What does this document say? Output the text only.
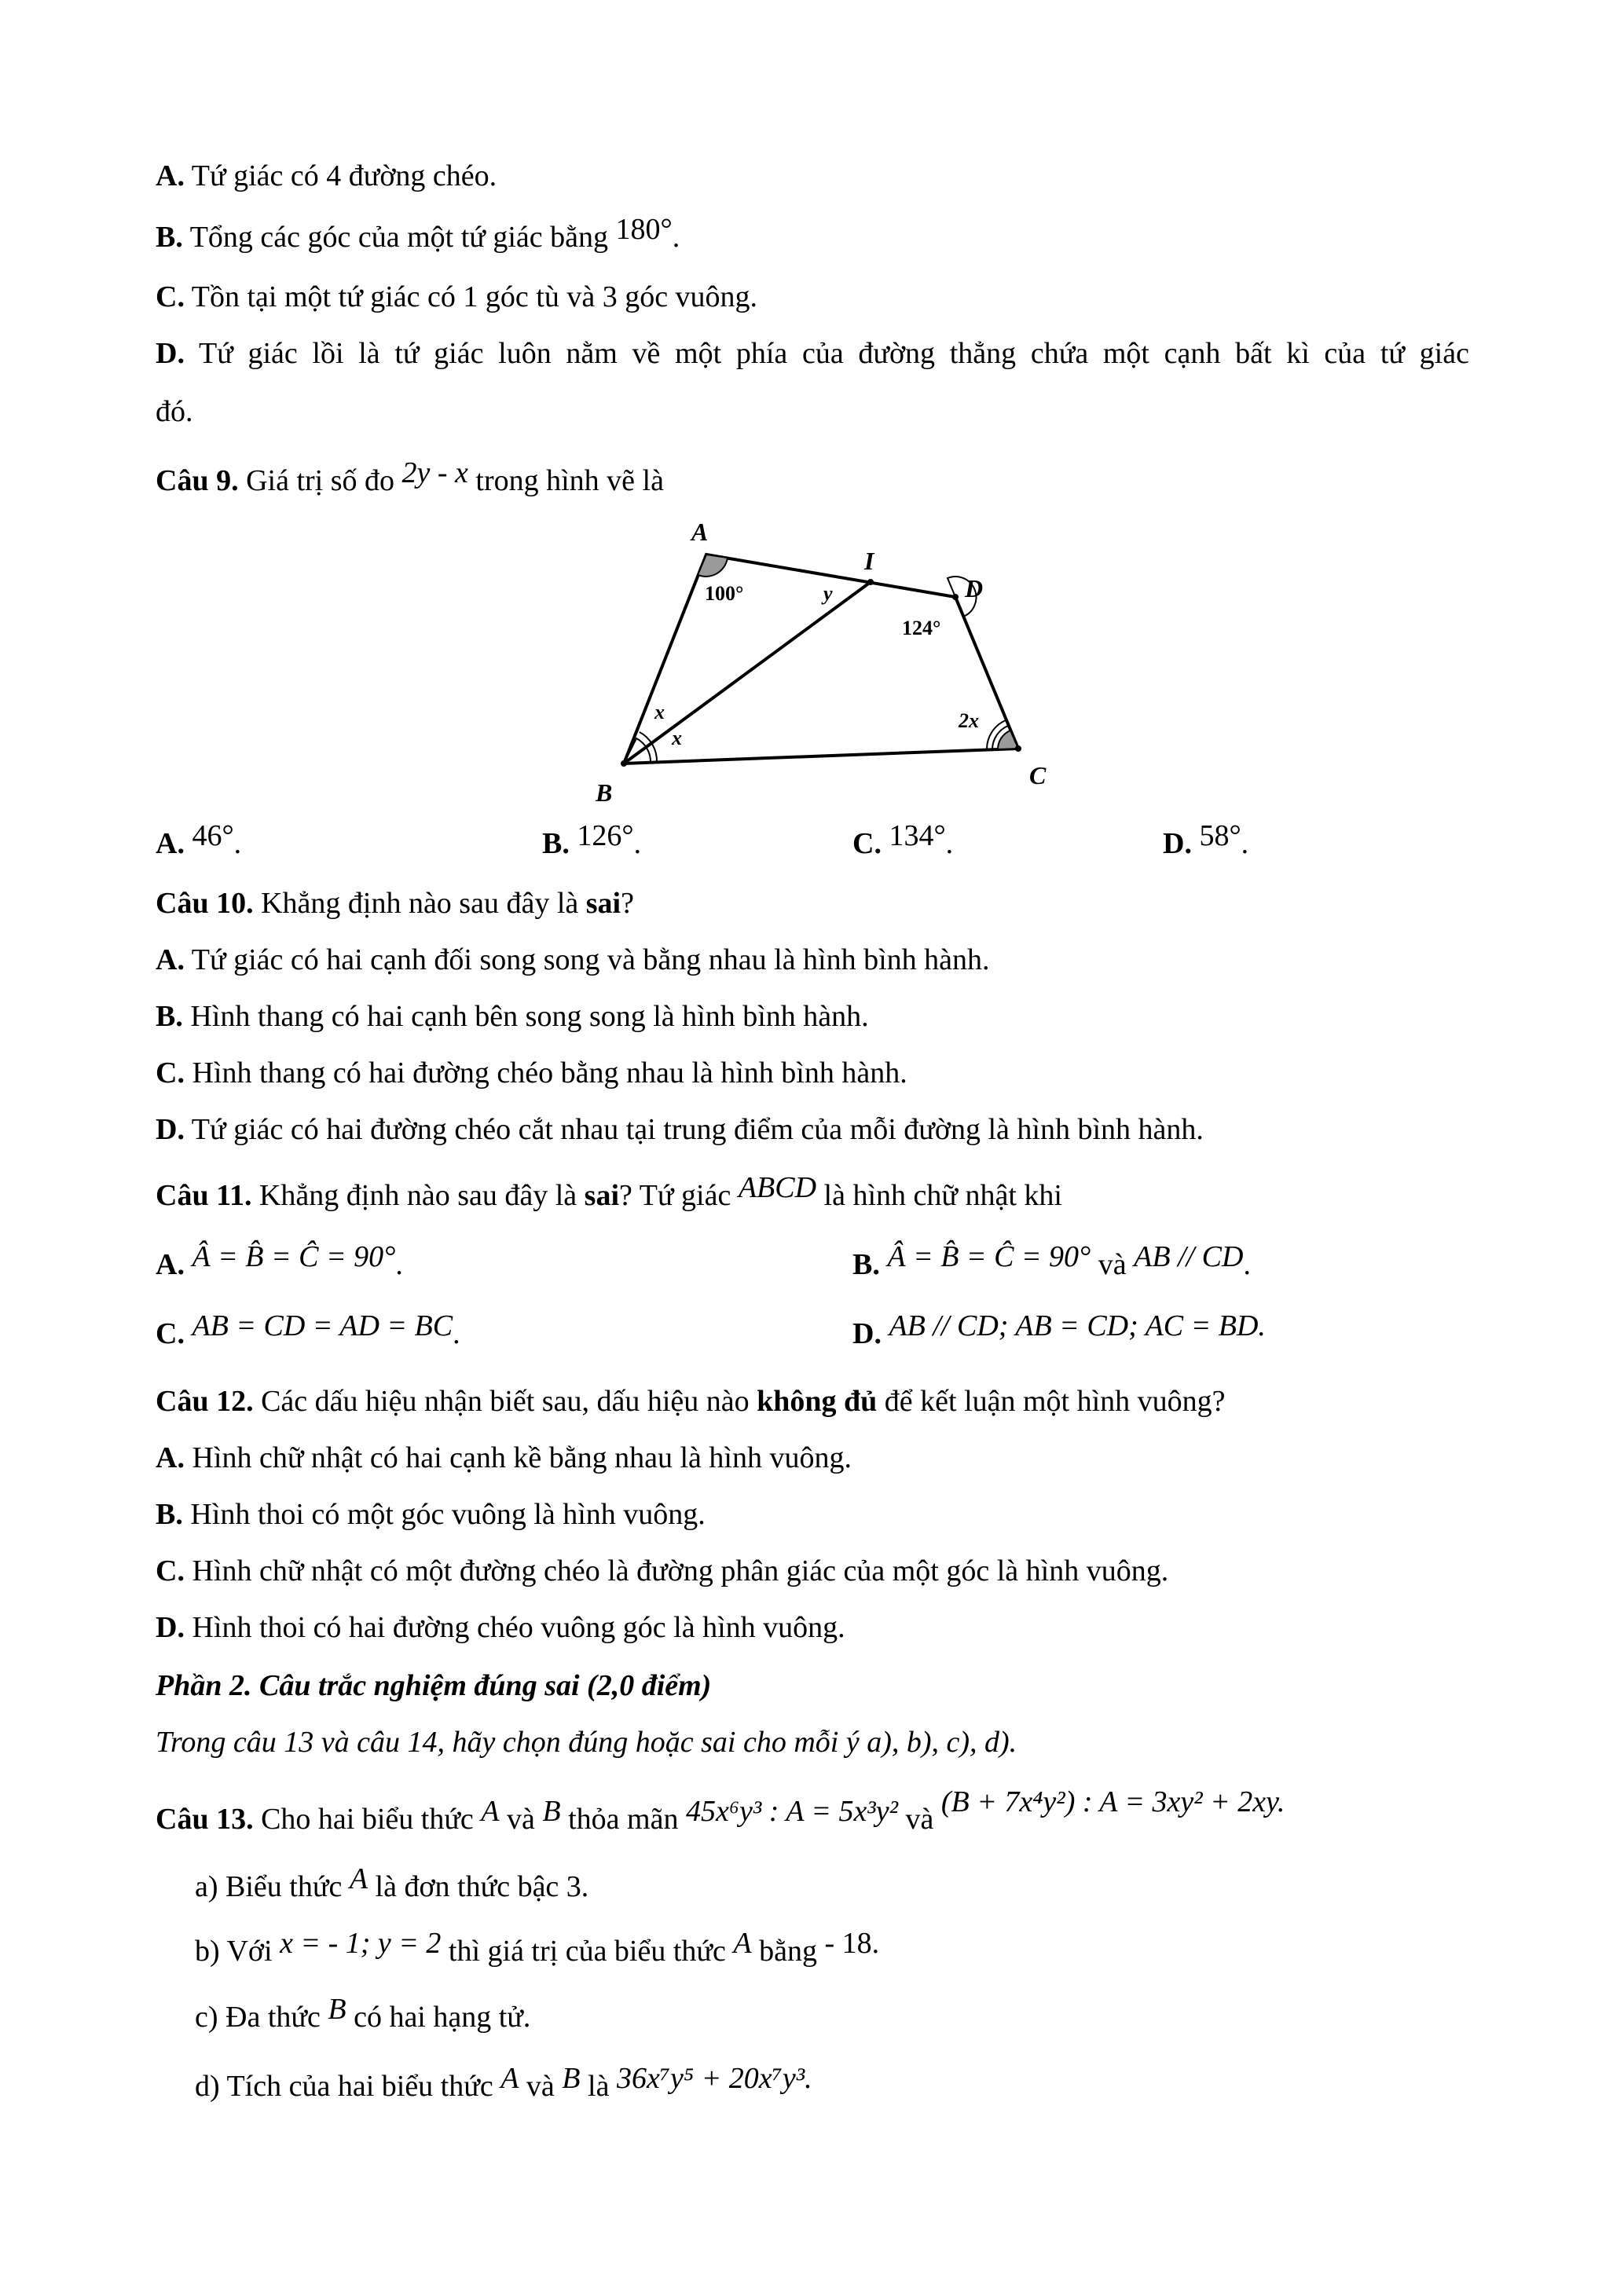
A. Tứ giác có 4 đường chéo.
B. Tổng các góc của một tứ giác bằng 180°.
C. Tồn tại một tứ giác có 1 góc tù và 3 góc vuông.
D. Tứ giác lồi là tứ giác luôn nằm về một phía của đường thẳng chứa một cạnh bất kì của tứ giác
đó.
Câu 9. Giá trị số đo 2y - x trong hình vẽ là
A
I
D
B
C
100°
124°
2x
y
x
x
A. 46°.	B. 126°.	C. 134°.	D. 58°.
Câu 10. Khẳng định nào sau đây là sai?
A. Tứ giác có hai cạnh đối song song và bằng nhau là hình bình hành.
B. Hình thang có hai cạnh bên song song là hình bình hành.
C. Hình thang có hai đường chéo bằng nhau là hình bình hành.
D. Tứ giác có hai đường chéo cắt nhau tại trung điểm của mỗi đường là hình bình hành.
Câu 11. Khẳng định nào sau đây là sai? Tứ giác ABCD là hình chữ nhật khi
A. Â = B̂ = Ĉ = 90°.	B. Â = B̂ = Ĉ = 90° và AB // CD.
C. AB = CD = AD = BC.	D. AB // CD; AB = CD; AC = BD.
Câu 12. Các dấu hiệu nhận biết sau, dấu hiệu nào không đủ để kết luận một hình vuông?
A. Hình chữ nhật có hai cạnh kề bằng nhau là hình vuông.
B. Hình thoi có một góc vuông là hình vuông.
C. Hình chữ nhật có một đường chéo là đường phân giác của một góc là hình vuông.
D. Hình thoi có hai đường chéo vuông góc là hình vuông.
Phần 2. Câu trắc nghiệm đúng sai (2,0 điểm)
Trong câu 13 và câu 14, hãy chọn đúng hoặc sai cho mỗi ý a), b), c), d).
Câu 13. Cho hai biểu thức A và B thỏa mãn 45x⁶y³ : A = 5x³y² và (B + 7x⁴y²) : A = 3xy² + 2xy.
a) Biểu thức A là đơn thức bậc 3.
b) Với x = - 1; y = 2 thì giá trị của biểu thức A bằng - 18.
c) Đa thức B có hai hạng tử.
d) Tích của hai biểu thức A và B là 36x⁷y⁵ + 20x⁷y³.
